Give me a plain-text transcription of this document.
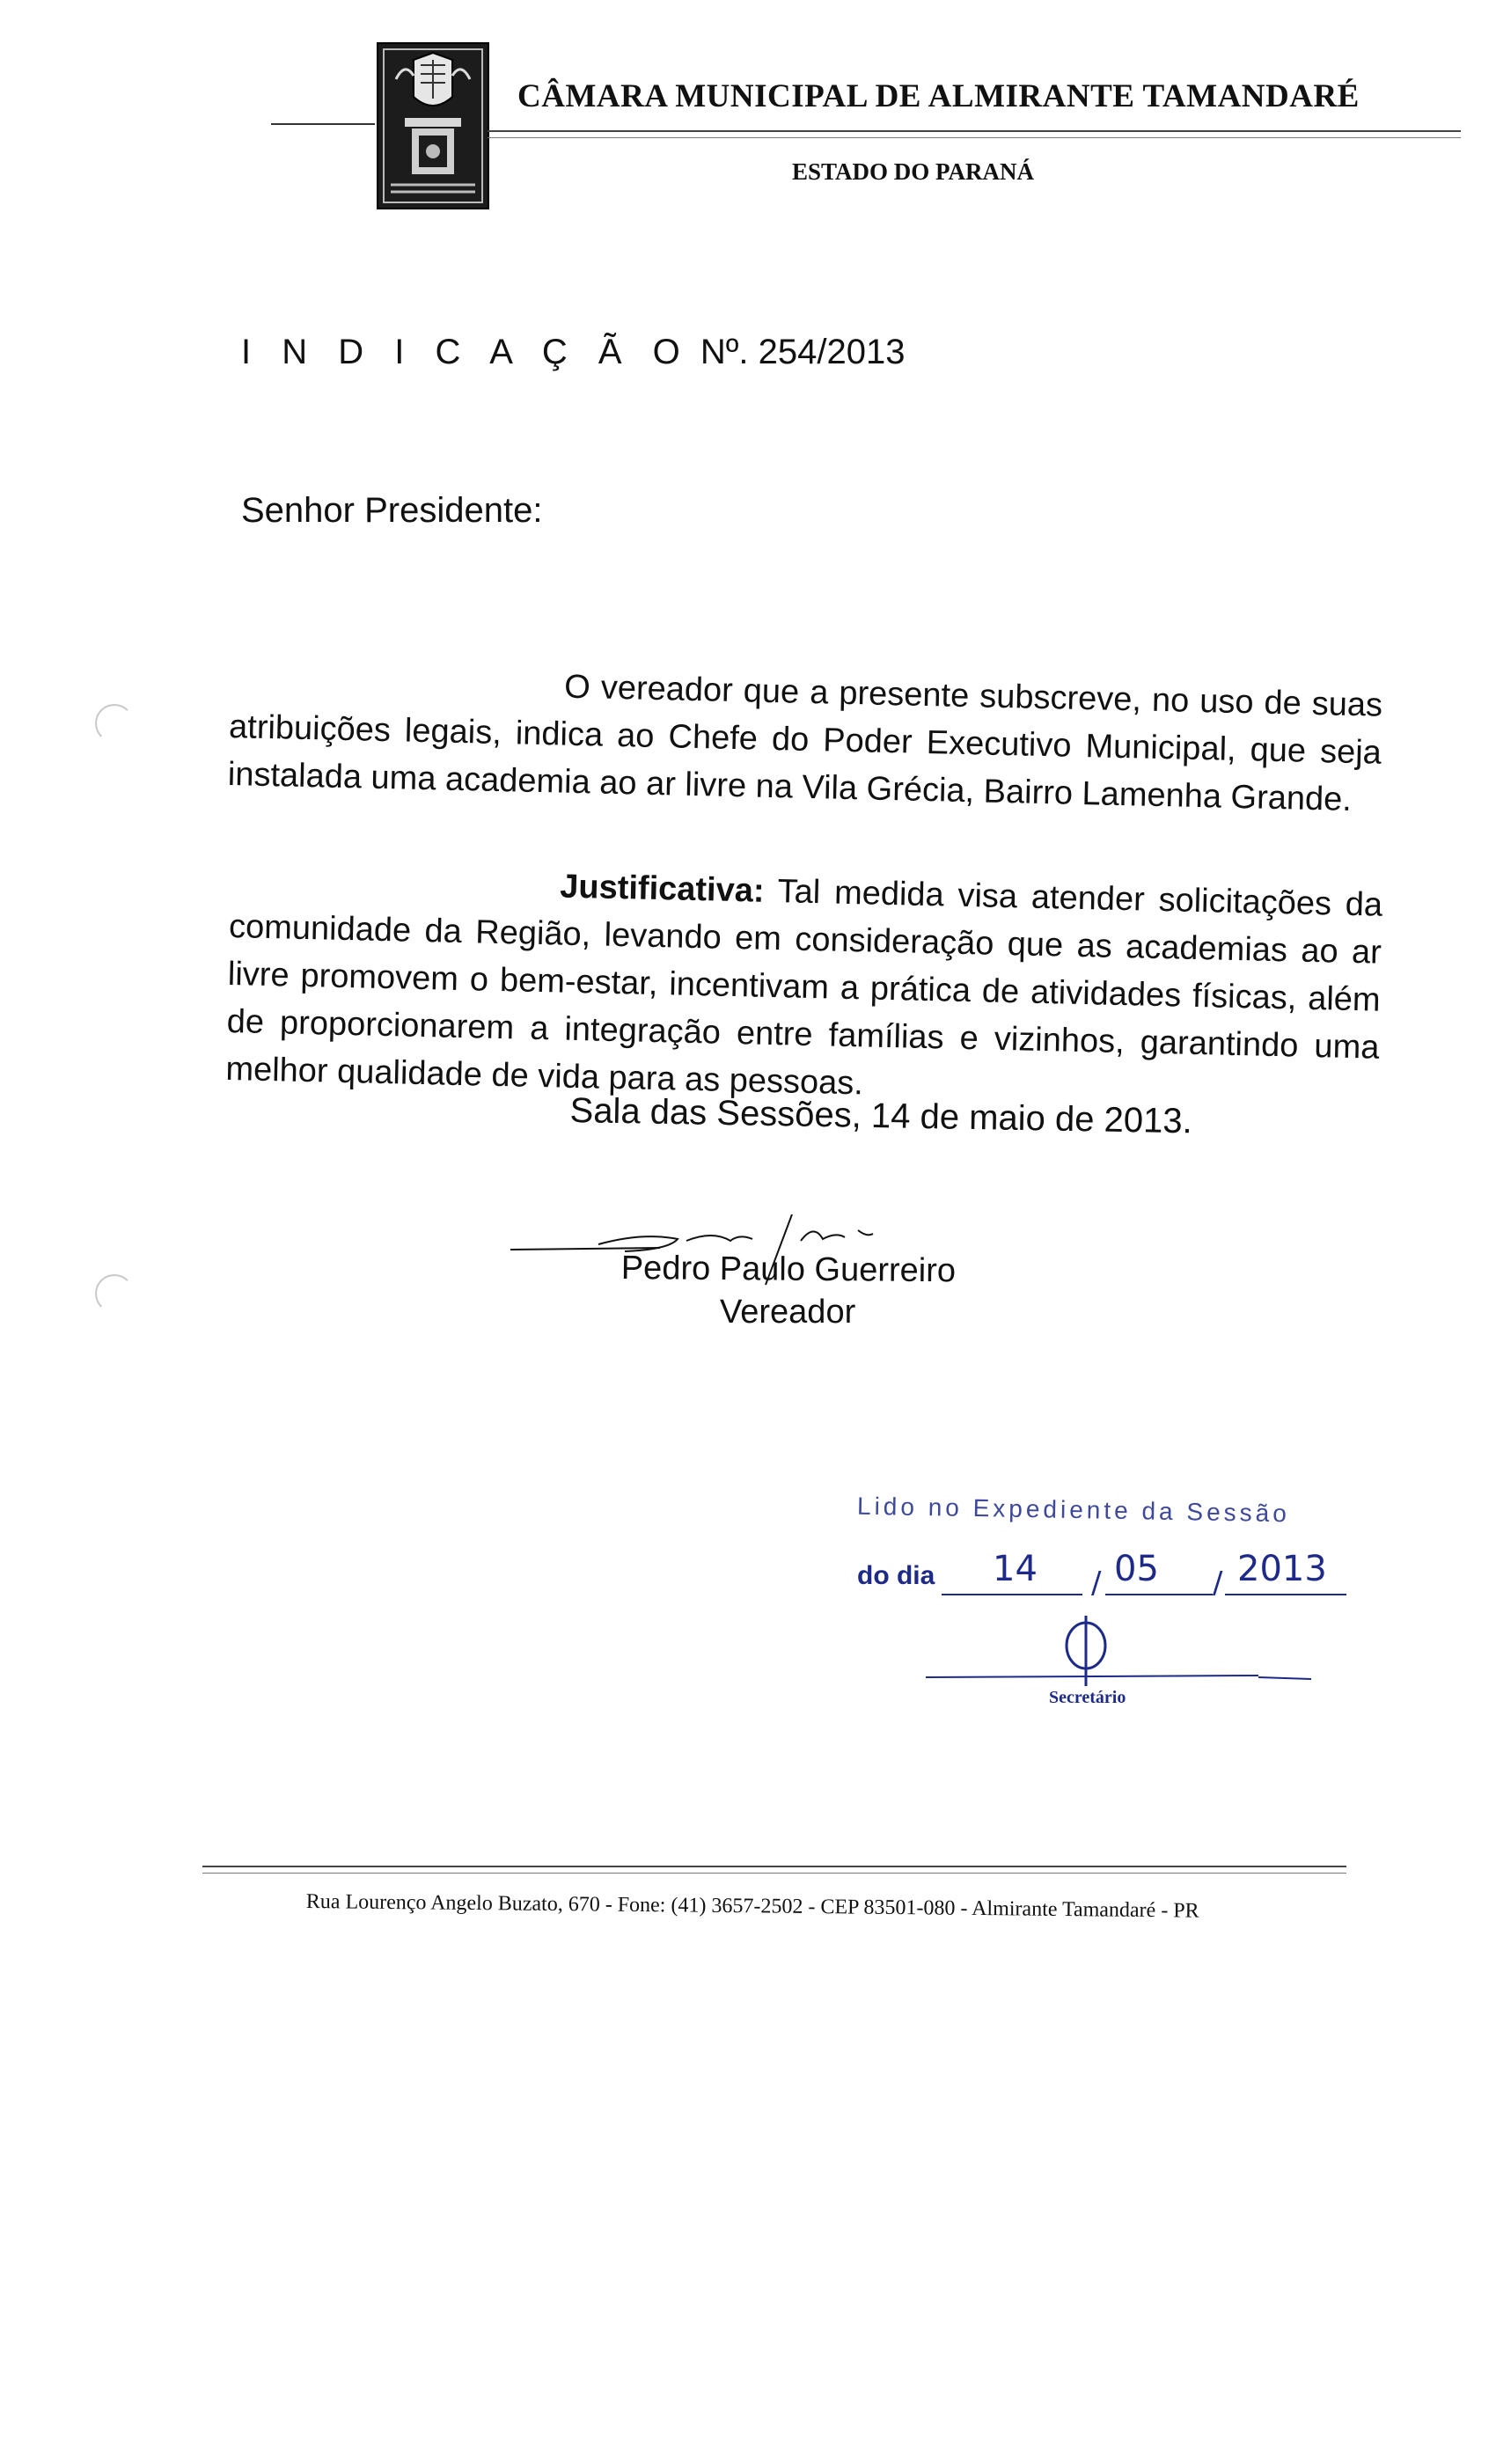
CÂMARA MUNICIPAL DE ALMIRANTE TAMANDARÉ
ESTADO DO PARANÁ
I N D I C A Ç Ã O Nº. 254/2013
Senhor Presidente:
O vereador que a presente subscreve, no uso de suas atribuições legais, indica ao Chefe do Poder Executivo Municipal, que seja instalada uma academia ao ar livre na Vila Grécia, Bairro Lamenha Grande.
Justificativa: Tal medida visa atender solicitações da comunidade da Região, levando em consideração que as academias ao ar livre promovem o bem-estar, incentivam a prática de atividades físicas, além de proporcionarem a integração entre famílias e vizinhos, garantindo uma melhor qualidade de vida para as pessoas.
Sala das Sessões, 14 de maio de 2013.
Pedro Paulo Guerreiro
Vereador
Lido no Expediente da Sessão
do dia 14 05 2013
/	/
Secretário
Rua Lourenço Angelo Buzato, 670 - Fone: (41) 3657-2502 - CEP 83501-080 - Almirante Tamandaré - PR
